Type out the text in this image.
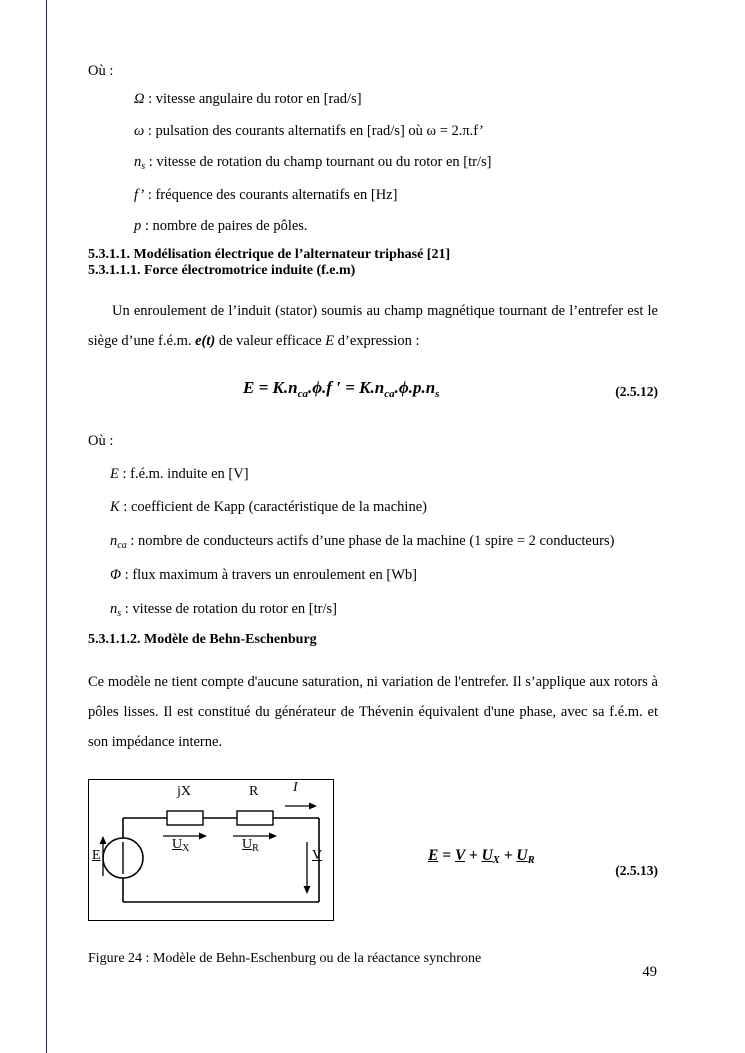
Où :

Ω : vitesse angulaire du rotor en [rad/s]

ω : pulsation des courants alternatifs en [rad/s] où ω = 2.π.f’

$n_s$ : vitesse de rotation du champ tournant ou du rotor en [tr/s]

f’ : fréquence des courants alternatifs en [Hz]

p : nombre de paires de pôles.

5.3.1.1. Modélisation électrique de l’alternateur triphasé [21]
5.3.1.1.1. Force électromotrice induite (f.e.m)

Un enroulement de l’induit (stator) soumis au champ magnétique tournant de l’entrefer est le siège d’une f.é.m. e(t) de valeur efficace E d’expression :

$E = K.n_{ca}.\phi.f$ ′ = $K.n_{ca}.\phi.p.n_s$	(2.5.12)

Où :

E : f.é.m. induite en [V]

K : coefficient de Kapp (caractéristique de la machine)

$n_{ca}$ : nombre de conducteurs actifs d’une phase de la machine (1 spire = 2 conducteurs)

Φ : flux maximum à travers un enroulement en [Wb]

$n_s$ : vitesse de rotation du rotor en [tr/s]

5.3.1.1.2. Modèle de Behn-Eschenburg

Ce modèle ne tient compte d'aucune saturation, ni variation de l'entrefer. Il s’applique aux rotors à pôles lisses. Il est constitué du générateur de Thévenin équivalent d'une phase, avec sa f.é.m. et son impédance interne.

jX	R I
$U_X$	$U_R$
E	V	$E = V + U_X + U_R$
(2.5.13)

Figure 24 : Modèle de Behn-Eschenburg ou de la réactance synchrone

49
